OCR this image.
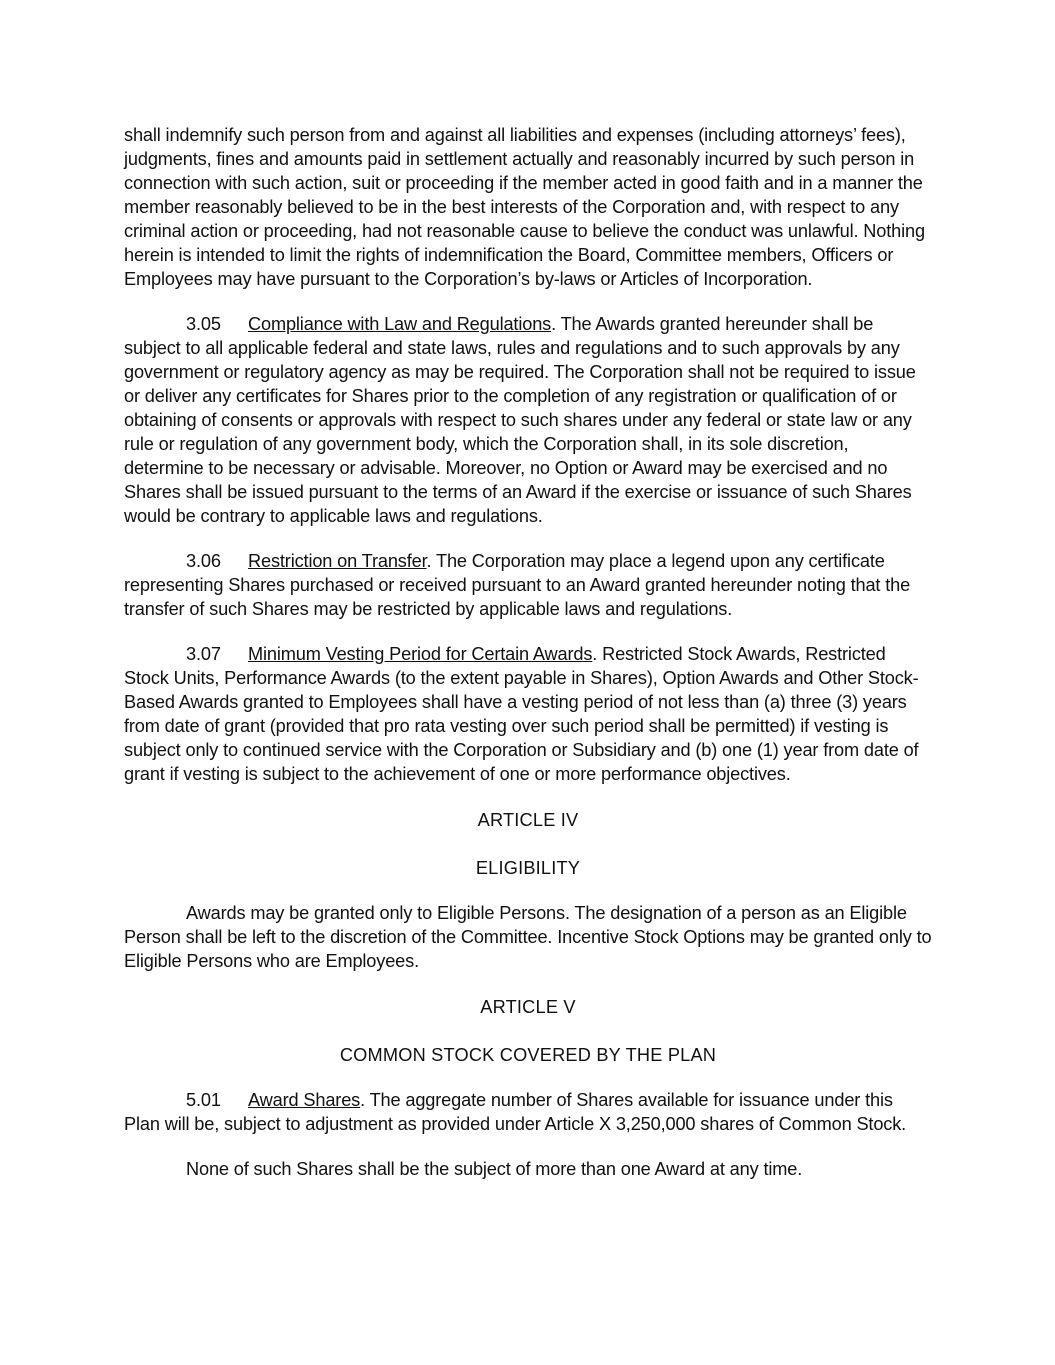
shall indemnify such person from and against all liabilities and expenses (including attorneys’ fees), judgments, fines and amounts paid in settlement actually and reasonably incurred by such person in connection with such action, suit or proceeding if the member acted in good faith and in a manner the member reasonably believed to be in the best interests of the Corporation and, with respect to any criminal action or proceeding, had not reasonable cause to believe the conduct was unlawful. Nothing herein is intended to limit the rights of indemnification the Board, Committee members, Officers or Employees may have pursuant to the Corporation’s by-laws or Articles of Incorporation.

3.05 Compliance with Law and Regulations. The Awards granted hereunder shall be subject to all applicable federal and state laws, rules and regulations and to such approvals by any government or regulatory agency as may be required. The Corporation shall not be required to issue or deliver any certificates for Shares prior to the completion of any registration or qualification of or obtaining of consents or approvals with respect to such shares under any federal or state law or any rule or regulation of any government body, which the Corporation shall, in its sole discretion, determine to be necessary or advisable. Moreover, no Option or Award may be exercised and no Shares shall be issued pursuant to the terms of an Award if the exercise or issuance of such Shares would be contrary to applicable laws and regulations.

3.06 Restriction on Transfer. The Corporation may place a legend upon any certificate representing Shares purchased or received pursuant to an Award granted hereunder noting that the transfer of such Shares may be restricted by applicable laws and regulations.

3.07 Minimum Vesting Period for Certain Awards. Restricted Stock Awards, Restricted Stock Units, Performance Awards (to the extent payable in Shares), Option Awards and Other Stock-Based Awards granted to Employees shall have a vesting period of not less than (a) three (3) years from date of grant (provided that pro rata vesting over such period shall be permitted) if vesting is subject only to continued service with the Corporation or Subsidiary and (b) one (1) year from date of grant if vesting is subject to the achievement of one or more performance objectives.

ARTICLE IV

ELIGIBILITY

Awards may be granted only to Eligible Persons. The designation of a person as an Eligible Person shall be left to the discretion of the Committee. Incentive Stock Options may be granted only to Eligible Persons who are Employees.

ARTICLE V

COMMON STOCK COVERED BY THE PLAN

5.01 Award Shares. The aggregate number of Shares available for issuance under this Plan will be, subject to adjustment as provided under Article X 3,250,000 shares of Common Stock.

None of such Shares shall be the subject of more than one Award at any time.
